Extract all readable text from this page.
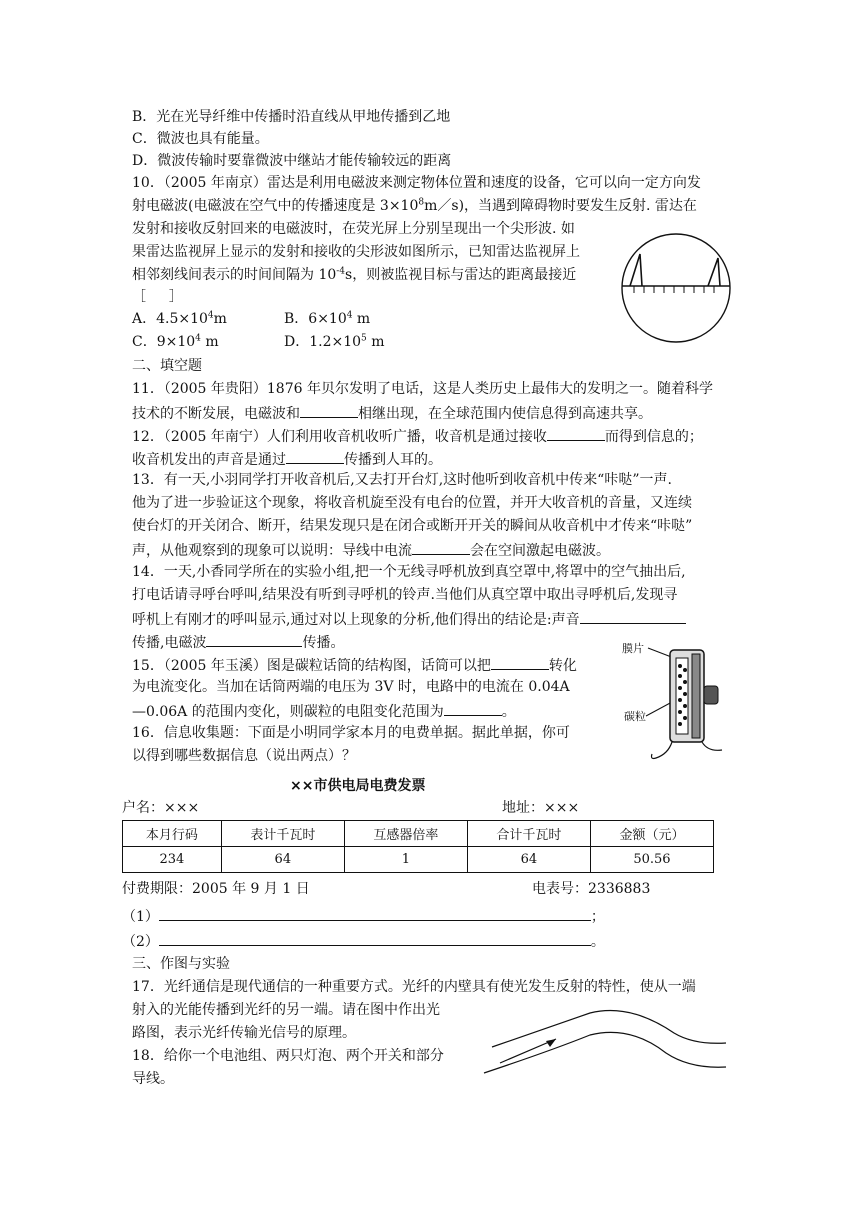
B．光在光导纤维中传播时沿直线从甲地传播到乙地
C．微波也具有能量。
D．微波传输时要靠微波中继站才能传输较远的距离
10．（2005 年南京）雷达是利用电磁波来测定物体位置和速度的设备，它可以向一定方向发
射电磁波(电磁波在空气中的传播速度是 $3\times 10^8m/s$)，当遇到障碍物时要发生反射. 雷达在
发射和接收反射回来的电磁波时，在荧光屏上分别呈现出一个尖形波. 如
果雷达监视屏上显示的发射和接收的尖形波如图所示，已知雷达监视屏上
相邻刻线间表示的时间间隔为 $10^{-4}s$，则被监视目标与雷达的距离最接近
［ 　 ］
A．$4.5\times 10^4m$	B．$6\times 10^4$ m
C．$9\times 10^4$ m	D．$1.2\times 10^5$ m
二、填空题
11．（2005 年贵阳）1876 年贝尔发明了电话，这是人类历史上最伟大的发明之一。随着科学
技术的不断发展，电磁波和	相继出现，在全球范围内使信息得到高速共享。
12．（2005 年南宁）人们利用收音机收听广播，收音机是通过接收	而得到信息的；
收音机发出的声音是通过	传播到人耳的。
13．有一天,小羽同学打开收音机后,又去打开台灯,这时他听到收音机中传来“咔哒”一声.
他为了进一步验证这个现象，将收音机旋至没有电台的位置，并开大收音机的音量，又连续
使台灯的开关闭合、断开，结果发现只是在闭合或断开开关的瞬间从收音机中才传来“咔哒”
声，从他观察到的现象可以说明：导线中电流	会在空间激起电磁波。
14．一天,小香同学所在的实验小组,把一个无线寻呼机放到真空罩中,将罩中的空气抽出后,
打电话请寻呼台呼叫,结果没有听到寻呼机的铃声.当他们从真空罩中取出寻呼机后,发现寻
呼机上有刚才的呼叫显示,通过对以上现象的分析,他们得出的结论是:声音
传播,电磁波	传播。
15．（2005 年玉溪）图是碳粒话筒的结构图，话筒可以把	转化
为电流变化。当加在话筒两端的电压为 3V 时，电路中的电流在 0.04A
—0.06A 的范围内变化，则碳粒的电阻变化范围为	。
膜片
碳粒
16．信息收集题：下面是小明同学家本月的电费单据。据此单据，你可
以得到哪些数据信息（说出两点）？
××市供电局电费发票
户名：×××	地址：×××
本月行码	表计千瓦时	互感器倍率	合计千瓦时	金额（元）
234	64	1	64	50.56
付费期限：2005 年 9 月 1 日	电表号：2336883
（1）	；
（2）	。
三、作图与实验
17．光纤通信是现代通信的一种重要方式。光纤的内壁具有使光发生反射的特性，使从一端
射入的光能传播到光纤的另一端。请在图中作出光
路图，表示光纤传输光信号的原理。
18．给你一个电池组、两只灯泡、两个开关和部分
导线。
